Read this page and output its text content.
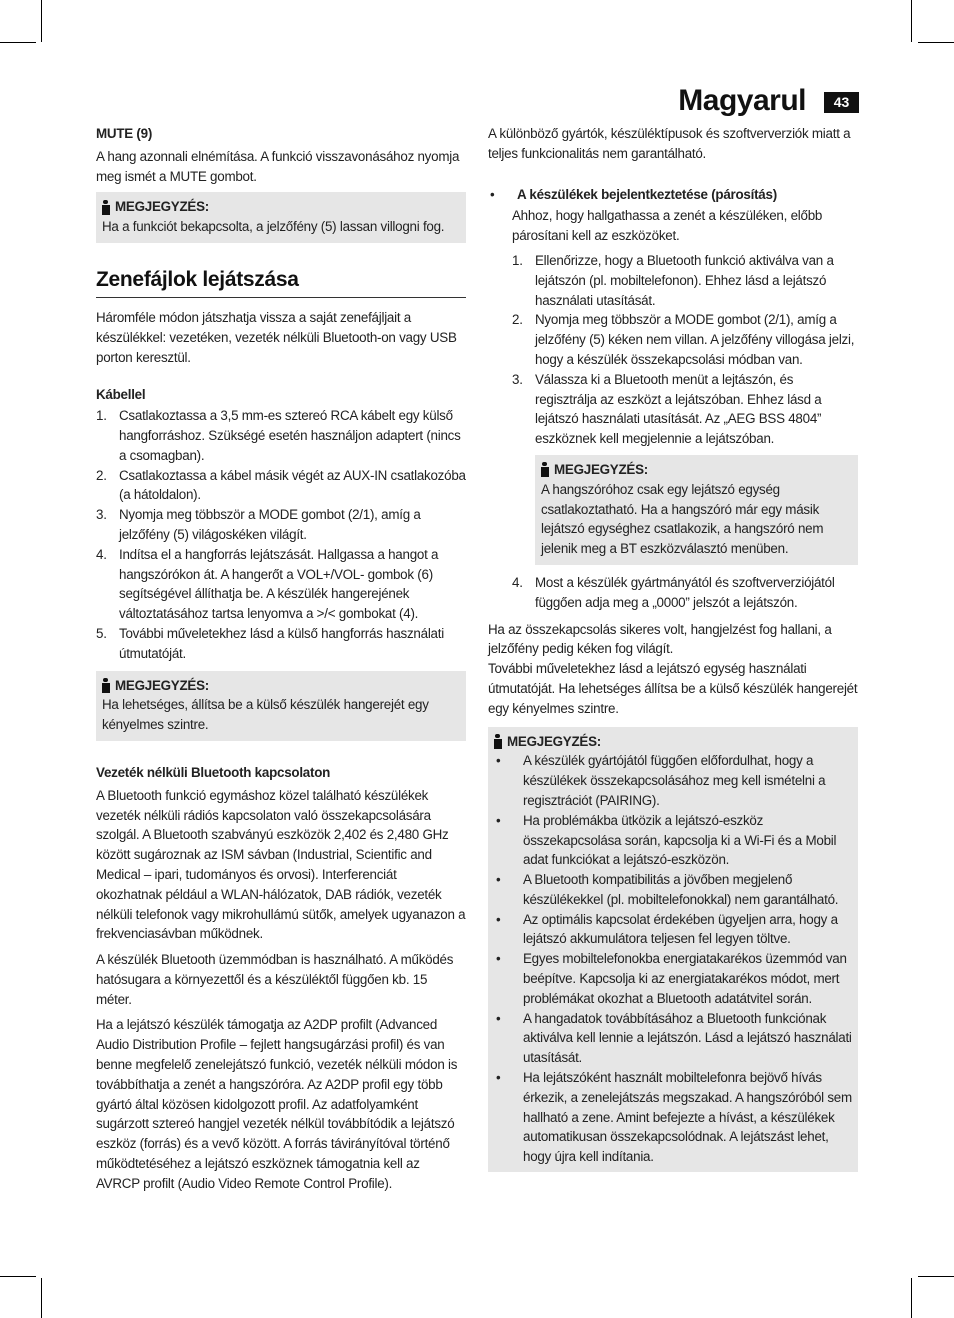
Magyarul	43

MUTE (9)

A hang azonnali elnémítása. A funkció visszavonásához nyomja meg ismét a MUTE gombot.

MEGJEGYZÉS:

Ha a funkciót bekapcsolta, a jelzőfény (5) lassan villogni fog.

Zenefájlok lejátszása

Háromféle módon játszhatja vissza a saját zenefájljait a készülékkel: vezetéken, vezeték nélküli Bluetooth-on vagy USB porton keresztül.

Kábellel

1. Csatlakoztassa a 3,5 mm-es sztereó RCA kábelt egy külső hangforráshoz. Szükségé esetén használjon adaptert (nincs a csomagban).
2. Csatlakoztassa a kábel másik végét az AUX-IN csatlakozóba (a hátoldalon).
3. Nyomja meg többször a MODE gombot (2/1), amíg a jelzőfény (5) világoskéken világít.
4. Indítsa el a hangforrás lejátszását. Hallgassa a hangot a hangszórókon át. A hangerőt a VOL+/VOL- gombok (6) segítségével állíthatja be. A készülék hangerejének változtatásához tartsa lenyomva a >/< gombokat (4).
5. További műveletekhez lásd a külső hangforrás használati útmutatóját.
MEGJEGYZÉS:

Ha lehetséges, állítsa be a külső készülék hangerejét egy kényelmes szintre.

Vezeték nélküli Bluetooth kapcsolaton

A Bluetooth funkció egymáshoz közel található készülékek vezeték nélküli rádiós kapcsolaton való összekapcsolására szolgál. A Bluetooth szabványú eszközök 2,402 és 2,480 GHz között sugároznak az ISM sávban (Industrial, Scientific and Medical – ipari, tudományos és orvosi). Interferenciát okozhatnak például a WLAN-hálózatok, DAB rádiók, vezeték nélküli telefonok vagy mikrohullámú sütők, amelyek ugyanazon a frekvenciasávban működnek.

A készülék Bluetooth üzemmódban is használható. A működés hatósugara a környezettől és a készüléktől függően kb. 15 méter.

Ha a lejátszó készülék támogatja az A2DP profilt (Advanced Audio Distribution Profile – fejlett hangsugárzási profil) és van benne megfelelő zenelejátszó funkció, vezeték nélküli módon is továbbíthatja a zenét a hangszóróra. Az A2DP profil egy több gyártó által közösen kidolgozott profil. Az adatfolyamként sugárzott sztereó hangjel vezeték nélkül továbbítódik a lejátszó eszköz (forrás) és a vevő között. A forrás távirányítóval történő működtetéséhez a lejátszó eszköznek támogatnia kell az AVRCP profilt (Audio Video Remote Control Profile).

A különböző gyártók, készüléktípusok és szoftververziók miatt a teljes funkcionalitás nem garantálható.

•	A készülékek bejelentkeztetése (párosítás)

Ahhoz, hogy hallgathassa a zenét a készüléken, előbb párosítani kell az eszközöket.

1. Ellenőrizze, hogy a Bluetooth funkció aktiválva van a lejátszón (pl. mobiltelefonon). Ehhez lásd a lejátszó használati utasítását.
2. Nyomja meg többször a MODE gombot (2/1), amíg a jelzőfény (5) kéken nem villan. A jelzőfény villogása jelzi, hogy a készülék összekapcsolási módban van.
3. Válassza ki a Bluetooth menüt a lejtászón, és regisztrálja az eszközt a lejátszóban. Ehhez lásd a lejátszó használati utasítását. Az „AEG BSS 4804” eszköznek kell megjelennie a lejátszóban.
MEGJEGYZÉS:

A hangszóróhoz csak egy lejátszó egység csatlakoztatható. Ha a hangszóró már egy másik lejátszó egységhez csatlakozik, a hangszóró nem jelenik meg a BT eszközválasztó menüben.

4. Most a készülék gyártmányától és szoftververziójától függően adja meg a „0000” jelszót a lejátszón.

Ha az összekapcsolás sikeres volt, hangjelzést fog hallani, a jelzőfény pedig kéken fog világít.

További műveletekhez lásd a lejátszó egység használati útmutatóját. Ha lehetséges állítsa be a külső készülék hangerejét egy kényelmes szintre.

MEGJEGYZÉS:
•	A készülék gyártójától függően előfordulhat, hogy a készülékek összekapcsolásához meg kell ismételni a regisztrációt (PAIRING).
•	Ha problémákba ütközik a lejátszó-eszköz összekapcsolása során, kapcsolja ki a Wi-Fi és a Mobil adat funkciókat a lejátszó-eszközön.
•	A Bluetooth kompatibilitás a jövőben megjelenő készülékekkel (pl. mobiltelefonokkal) nem garantálható.
•	Az optimális kapcsolat érdekében ügyeljen arra, hogy a lejátszó akkumulátora teljesen fel legyen töltve.
•	Egyes mobiltelefonokba energiatakarékos üzemmód van beépítve. Kapcsolja ki az energiatakarékos módot, mert problémákat okozhat a Bluetooth adatátvitel során.
•	A hangadatok továbbításához a Bluetooth funkciónak aktiválva kell lennie a lejátszón. Lásd a lejátszó használati utasítását.
•	Ha lejátszóként használt mobiltelefonra bejövő hívás érkezik, a zenelejátszás megszakad. A hangszóróból sem hallható a zene. Amint befejezte a hívást, a készülékek automatikusan összekapcsolódnak. A lejátszást lehet, hogy újra kell indítania.
